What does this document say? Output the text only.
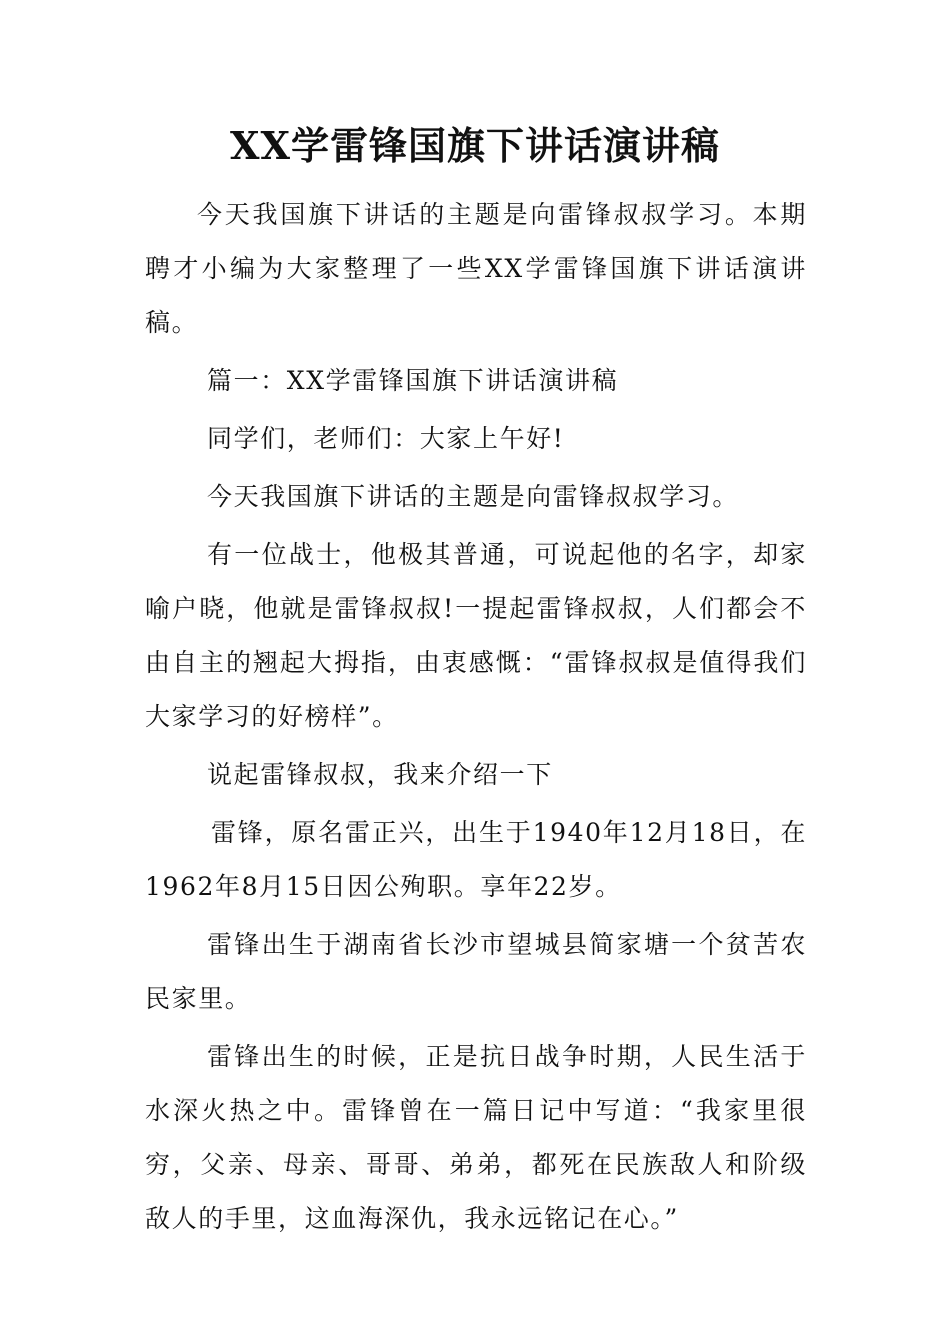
XX学雷锋国旗下讲话演讲稿

今天我国旗下讲话的主题是向雷锋叔叔学习。本期聘才小编为大家整理了一些XX学雷锋国旗下讲话演讲稿。

篇一：XX学雷锋国旗下讲话演讲稿

同学们，老师们：大家上午好!

今天我国旗下讲话的主题是向雷锋叔叔学习。

有一位战士，他极其普通，可说起他的名字，却家喻户晓，他就是雷锋叔叔!一提起雷锋叔叔，人们都会不由自主的翘起大拇指，由衷感慨：“雷锋叔叔是值得我们大家学习的好榜样”。

说起雷锋叔叔，我来介绍一下

雷锋，原名雷正兴，出生于1940年12月18日，在1962年8月15日因公殉职。享年22岁。

雷锋出生于湖南省长沙市望城县简家塘一个贫苦农民家里。

雷锋出生的时候，正是抗日战争时期，人民生活于水深火热之中。雷锋曾在一篇日记中写道：“我家里很穷，父亲、母亲、哥哥、弟弟，都死在民族敌人和阶级敌人的手里，这血海深仇，我永远铭记在心。”
